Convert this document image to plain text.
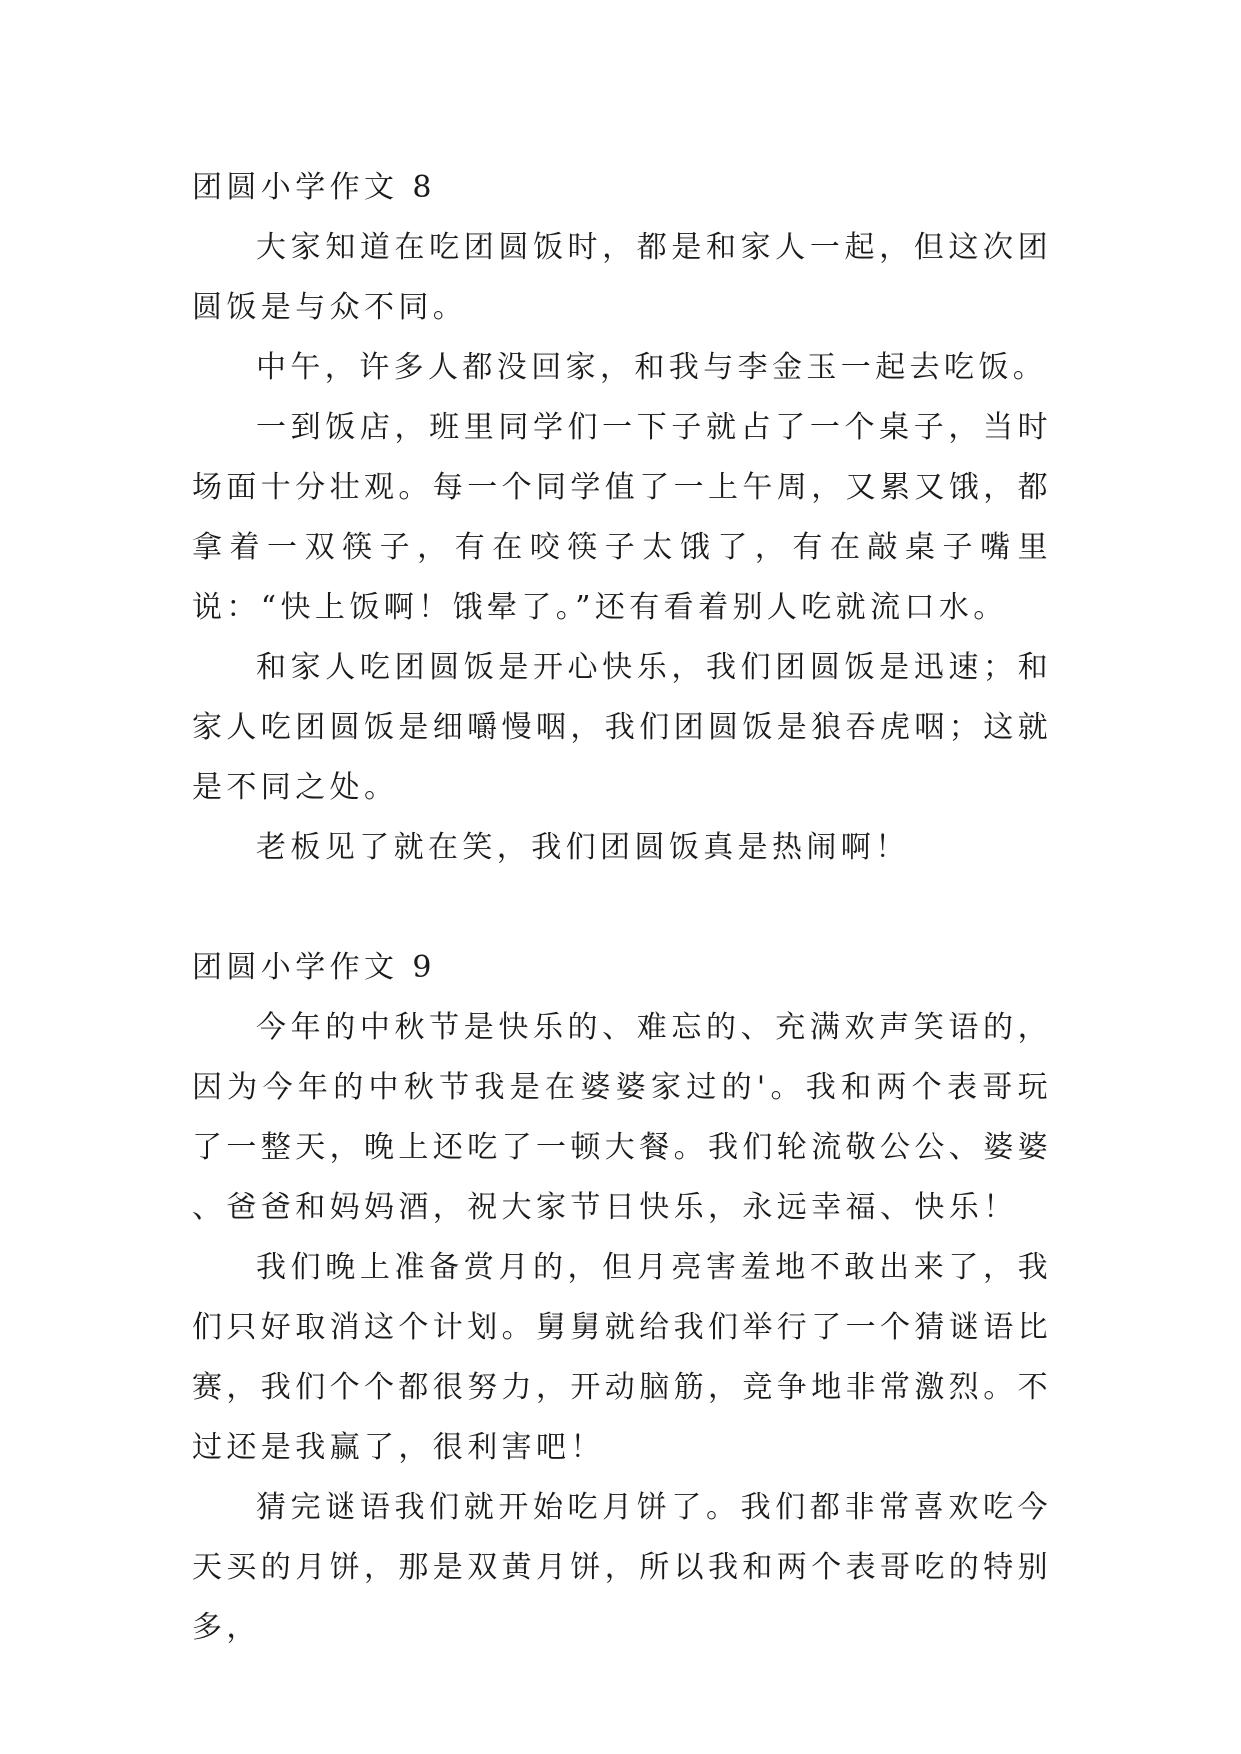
团圆小学作文 8

大家知道在吃团圆饭时，都是和家人一起，但这次团圆饭是与众不同。

中午，许多人都没回家，和我与李金玉一起去吃饭。

一到饭店，班里同学们一下子就占了一个桌子，当时场面十分壮观。每一个同学值了一上午周，又累又饿，都拿着一双筷子，有在咬筷子太饿了，有在敲桌子嘴里说：“快上饭啊！饿晕了。”还有看着别人吃就流口水。

和家人吃团圆饭是开心快乐，我们团圆饭是迅速；和家人吃团圆饭是细嚼慢咽，我们团圆饭是狼吞虎咽；这就是不同之处。

老板见了就在笑，我们团圆饭真是热闹啊！

团圆小学作文 9

今年的中秋节是快乐的、难忘的、充满欢声笑语的，因为今年的中秋节我是在婆婆家过的'。我和两个表哥玩了一整天，晚上还吃了一顿大餐。我们轮流敬公公、婆婆 、爸爸和妈妈酒，祝大家节日快乐，永远幸福、快乐！

我们晚上准备赏月的，但月亮害羞地不敢出来了，我们只好取消这个计划。舅舅就给我们举行了一个猜谜语比赛，我们个个都很努力，开动脑筋，竞争地非常激烈。不过还是我赢了，很利害吧！

猜完谜语我们就开始吃月饼了。我们都非常喜欢吃今天买的月饼，那是双黄月饼，所以我和两个表哥吃的特别多，
